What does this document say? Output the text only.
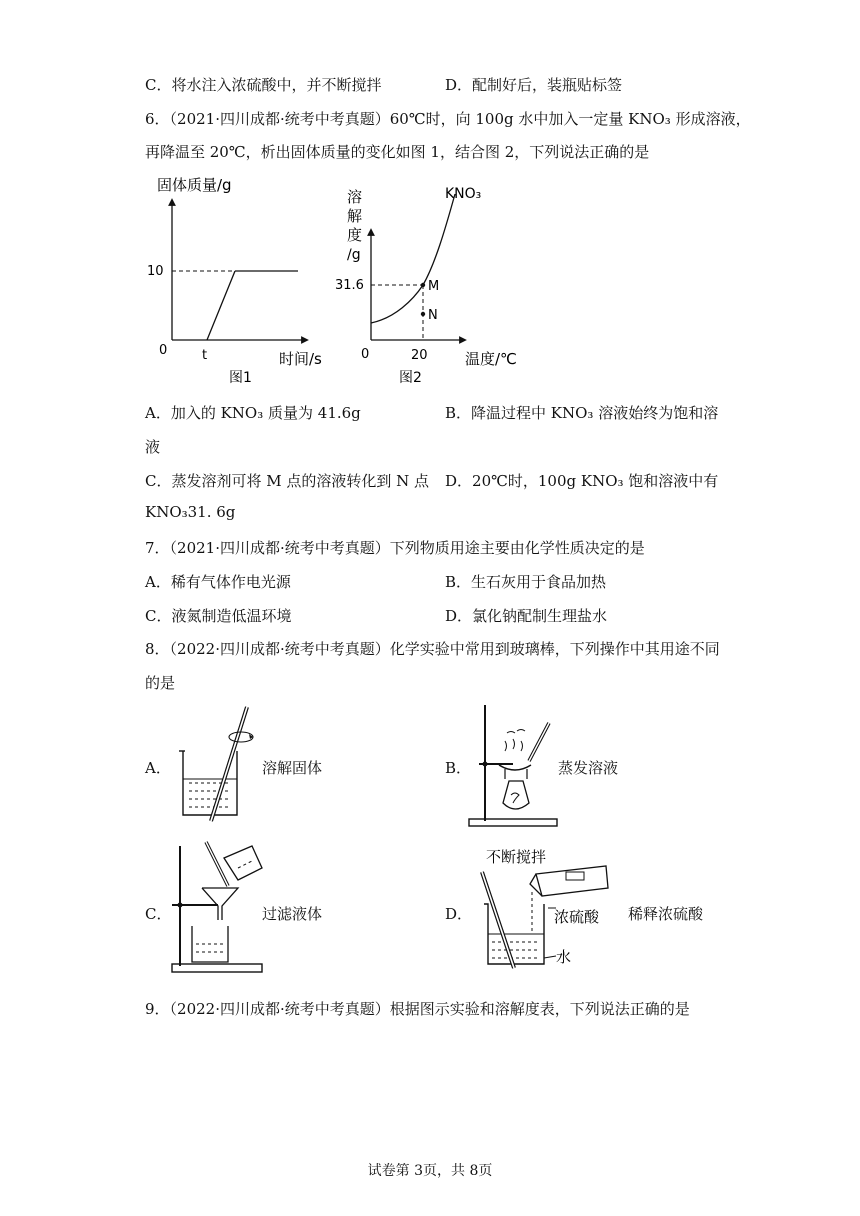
C．将水注入浓硫酸中，并不断搅拌	D．配制好后，装瓶贴标签
6．（2021·四川成都·统考中考真题）60℃时，向 100g 水中加入一定量 KNO₃ 形成溶液，
再降温至 20℃，析出固体质量的变化如图 1，结合图 2，下列说法正确的是
固体质量/g
10
0	t	时间/s
图1
溶
解
度
/g
31.6	M
N
KNO₃
0	20 温度/℃
图2
A．加入的 KNO₃ 质量为 41.6g	B．降温过程中 KNO₃ 溶液始终为饱和溶
液
C．蒸发溶剂可将 M 点的溶液转化到 N 点 D．20℃时，100g KNO₃ 饱和溶液中有
KNO₃31. 6g
7．（2021·四川成都·统考中考真题）下列物质用途主要由化学性质决定的是
A．稀有气体作电光源	B．生石灰用于食品加热
C．液氮制造低温环境	D．氯化钠配制生理盐水
8．（2022·四川成都·统考中考真题）化学实验中常用到玻璃棒，下列操作中其用途不同
的是
A．	溶解固体	B．	蒸发溶液
C．	过滤液体	D．
不断搅拌
浓硫酸
水
稀释浓硫酸
9．（2022·四川成都·统考中考真题）根据图示实验和溶解度表，下列说法正确的是
试卷第 3页，共 8页
